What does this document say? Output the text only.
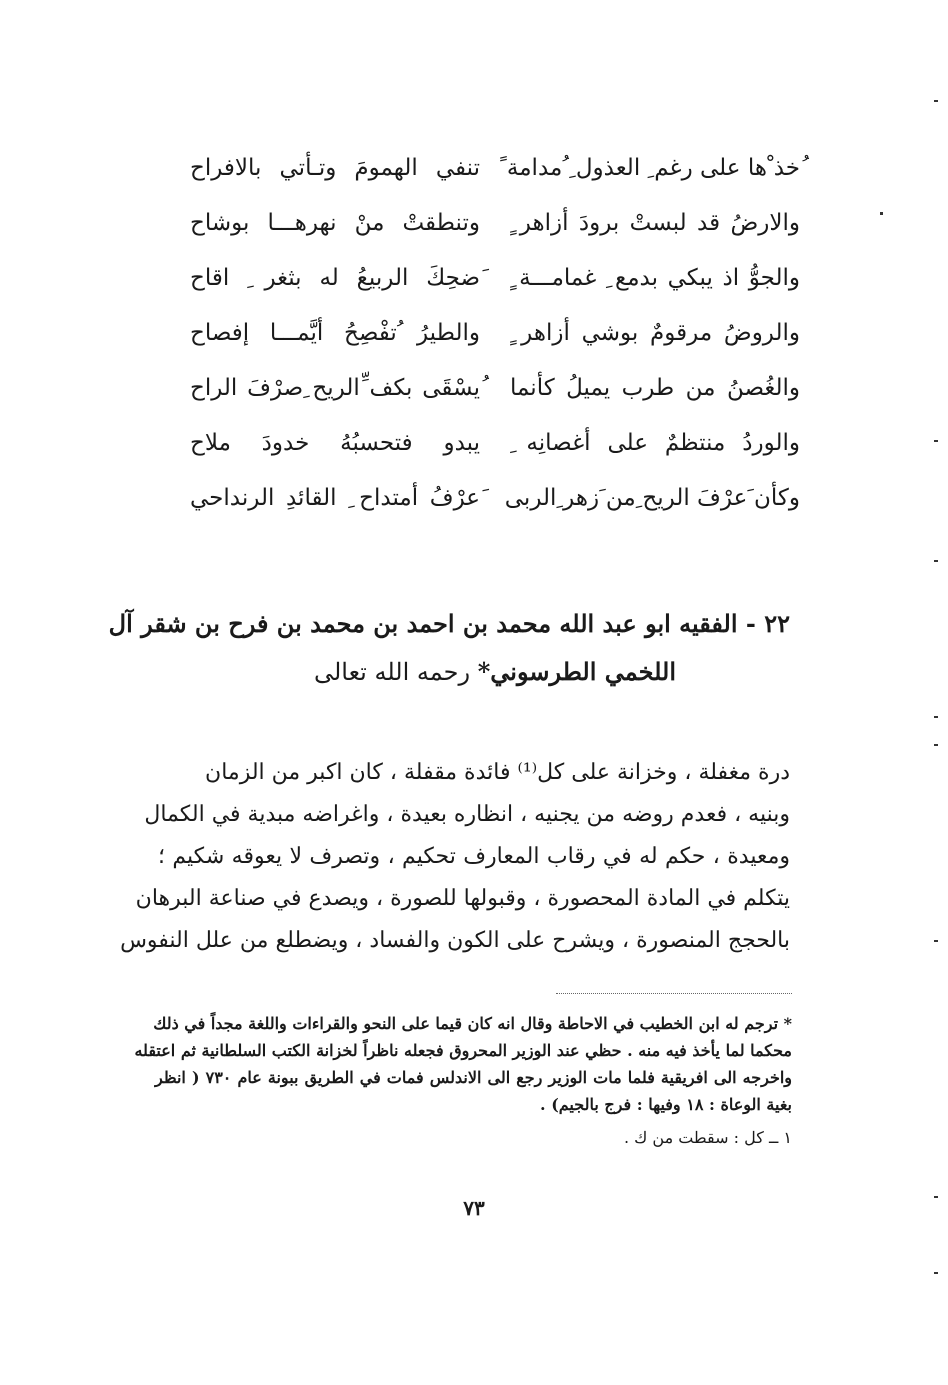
ُخذ ْها على رغم ِ العذول ِ ُمدامة ً
تنفي الهمومَ وتـأتي بالافراح
والارضُ قد لبستْ برودَ أزاهر ٍ
وتنطقتْ منْ نهرهـــا بوشاح
والجوُّ اذ يبكي بدمع ِ غمامـــة ٍ
َضحِكَ الربيعُ له بثغر ِ اقاح
والروضُ مرقومٌ بوشي أزاهر ٍ
والطيرُ ُتفْصِحُ أيَّمـــا إفصاح
والغُصنُ من طرب يميلُ كأنما
ُيسْقَى بكف ِّالريح ِصرْفَ الراح
والوردُ منتظمٌ على أغصانِه ِ
يبدو فتحسبُهُ خدودَ ملاح
وكأن َعرْفَ الريح ِمن َزهر ِالربى
َعرْفُ أمتداح ِ القائدِ الرنداحي
٢٢ - الفقيه ابو عبد الله محمد بن احمد بن محمد بن فرح بن شقر آل
اللخمي الطرسوني* رحمه الله تعالى
درة مغفلة ، وخزانة على كل⁽¹⁾ فائدة مقفلة ، كان اكبر من الزمان
وبنيه ، فعدم روضه من يجنيه ، انظاره بعيدة ، واغراضه مبدية في الكمال
ومعيدة ، حكم له في رقاب المعارف تحكيم ، وتصرف لا يعوقه شكيم ؛
يتكلم في المادة المحصورة ، وقبولها للصورة ، ويصدع في صناعة البرهان
بالحجج المنصورة ، ويشرح على الكون والفساد ، ويضطلع من علل النفوس
* ترجم له ابن الخطيب في الاحاطة وقال انه كان قيما على النحو والقراءات واللغة مجداً في ذلك
محكما لما يأخذ فيه منه . حظي عند الوزير المحروق فجعله ناظراً لخزانة الكتب السلطانية ثم اعتقله
واخرجه الى افريقية فلما مات الوزير رجع الى الاندلس فمات في الطريق ببونة عام ٧٣٠ ( انظر
بغية الوعاة : ١٨ وفيها : فرج بالجيم) .
١ ــ كل : سقطت من ك .
٧٣
